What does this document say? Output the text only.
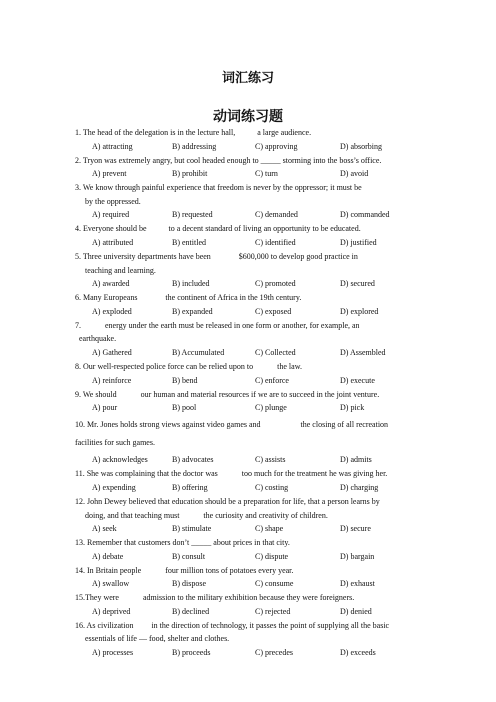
词汇练习
动词练习题
1. The head of the delegation is in the lecture hall,           a large audience.
A) attracting	B) addressing	C) approving	D) absorbing
2. Tryon was extremely angry, but cool headed enough to _____ storming into the boss’s office.
A) prevent	B) prohibit	C) turn	D) avoid
3. We know through painful experience that freedom is never by the oppressor; it must be
by the oppressed.
A) required	B) requested	C) demanded	D) commanded
4. Everyone should be           to a decent standard of living an opportunity to be educated.
A) attributed	B) entitled	C) identified	D) justified
5. Three university departments have been              $600,000 to develop good practice in
teaching and learning.
A) awarded	B) included	C) promoted	D) secured
6. Many Europeans              the continent of Africa in the 19th century.
A) exploded	B) expanded	C) exposed	D) explored
7.            energy under the earth must be released in one form or another, for example, an
earthquake.
A) Gathered	B) Accumulated	C) Collected	D) Assembled
8. Our well-respected police force can be relied upon to            the law.
A) reinforce	B) bend	C) enforce	D) execute
9. We should            our human and material resources if we are to succeed in the joint venture.
A) pour	B) pool	C) plunge	D) pick
10. Mr. Jones holds strong views against video games and                    the closing of all recreation
facilities for such games.
A) acknowledges	B) advocates	C) assists	D) admits
11. She was complaining that the doctor was            too much for the treatment he was giving her.
A) expending	B) offering	C) costing	D) charging
12. John Dewey believed that education should be a preparation for life, that a person learns by
doing, and that teaching must            the curiosity and creativity of children.
A) seek	B) stimulate	C) shape	D) secure
13. Remember that customers don’t _____ about prices in that city.
A) debate	B) consult	C) dispute	D) bargain
14. In Britain people            four million tons of potatoes every year.
A) swallow	B) dispose	C) consume	D) exhaust
15.They were            admission to the military exhibition because they were foreigners.
A) deprived	B) declined	C) rejected	D) denied
16. As civilization         in the direction of technology, it passes the point of supplying all the basic
essentials of life — food, shelter and clothes.
A) processes	B) proceeds	C) precedes	D) exceeds
